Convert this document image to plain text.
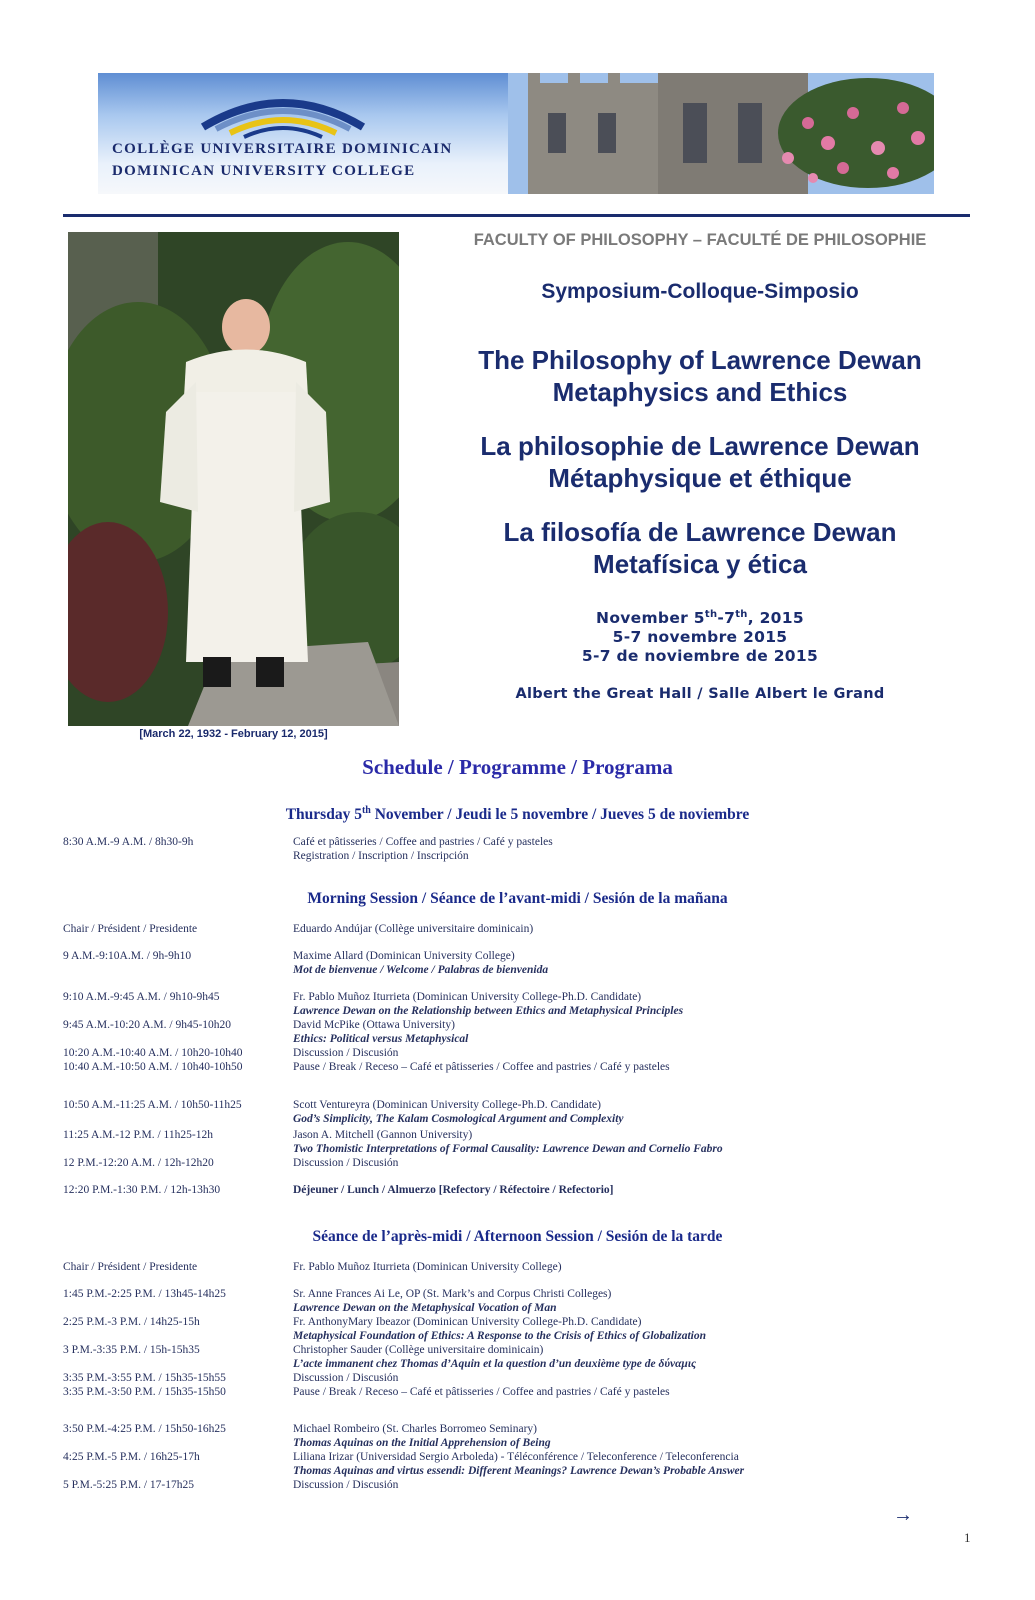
COLLÈGE UNIVERSITAIRE DOMINICAIN
DOMINICAN UNIVERSITY COLLEGE
[March 22, 1932 - February 12, 2015]
FACULTY OF PHILOSOPHY – FACULTÉ DE PHILOSOPHIE
Symposium-Colloque-Simposio
The Philosophy of Lawrence Dewan
Metaphysics and Ethics
La philosophie de Lawrence Dewan
Métaphysique et éthique
La filosofía de Lawrence Dewan
Metafísica y ética
November 5th-7th, 2015
5-7 novembre 2015
5-7 de noviembre de 2015
Albert the Great Hall / Salle Albert le Grand
Schedule / Programme / Programa
Thursday 5th November / Jeudi le 5 novembre / Jueves 5 de noviembre
Morning Session / Séance de l’avant-midi / Sesión de la mañana
Séance de l’après-midi / Afternoon Session / Sesión de la tarde
8:30 A.M.-9 A.M. / 8h30-9h	Café et pâtisseries / Coffee and pastries / Café y pasteles
Registration / Inscription / Inscripción
Chair / Président / Presidente	Eduardo Andújar (Collège universitaire dominicain)
9 A.M.-9:10A.M. / 9h-9h10	Maxime Allard (Dominican University College)
Mot de bienvenue / Welcome / Palabras de bienvenida
9:10 A.M.-9:45 A.M. / 9h10-9h45	Fr. Pablo Muñoz Iturrieta (Dominican University College-Ph.D. Candidate)
Lawrence Dewan on the Relationship between Ethics and Metaphysical Principles
9:45 A.M.-10:20 A.M. / 9h45-10h20	David McPike (Ottawa University)
Ethics: Political versus Metaphysical
10:20 A.M.-10:40 A.M. / 10h20-10h40	Discussion / Discusión
10:40 A.M.-10:50 A.M. / 10h40-10h50	Pause / Break / Receso – Café et pâtisseries / Coffee and pastries / Café y pasteles
10:50 A.M.-11:25 A.M. / 10h50-11h25	Scott Ventureyra (Dominican University College-Ph.D. Candidate)
God’s Simplicity, The Kalam Cosmological Argument and Complexity
11:25 A.M.-12 P.M. / 11h25-12h	Jason A. Mitchell (Gannon University)
Two Thomistic Interpretations of Formal Causality: Lawrence Dewan and Cornelio Fabro
12 P.M.-12:20 A.M. / 12h-12h20	Discussion / Discusión
12:20 P.M.-1:30 P.M. / 12h-13h30	Déjeuner / Lunch / Almuerzo [Refectory / Réfectoire / Refectorio]
Chair / Président / Presidente	Fr. Pablo Muñoz Iturrieta (Dominican University College)
1:45 P.M.-2:25 P.M. / 13h45-14h25	Sr. Anne Frances Ai Le, OP (St. Mark’s and Corpus Christi Colleges)
Lawrence Dewan on the Metaphysical Vocation of Man
2:25 P.M.-3 P.M. / 14h25-15h	Fr. AnthonyMary Ibeazor (Dominican University College-Ph.D. Candidate)
Metaphysical Foundation of Ethics: A Response to the Crisis of Ethics of Globalization
3 P.M.-3:35 P.M. / 15h-15h35	Christopher Sauder (Collège universitaire dominicain)
L’acte immanent chez Thomas d’Aquin et la question d’un deuxième type de δύναμις
3:35 P.M.-3:55 P.M. / 15h35-15h55	Discussion / Discusión
3:35 P.M.-3:50 P.M. / 15h35-15h50	Pause / Break / Receso – Café et pâtisseries / Coffee and pastries / Café y pasteles
3:50 P.M.-4:25 P.M. / 15h50-16h25	Michael Rombeiro (St. Charles Borromeo Seminary)
Thomas Aquinas on the Initial Apprehension of Being
4:25 P.M.-5 P.M. / 16h25-17h	Liliana Irizar (Universidad Sergio Arboleda) - Téléconférence / Teleconference / Teleconferencia
Thomas Aquinas and virtus essendi: Different Meanings? Lawrence Dewan’s Probable Answer
5 P.M.-5:25 P.M. / 17-17h25	Discussion / Discusión
→
1
